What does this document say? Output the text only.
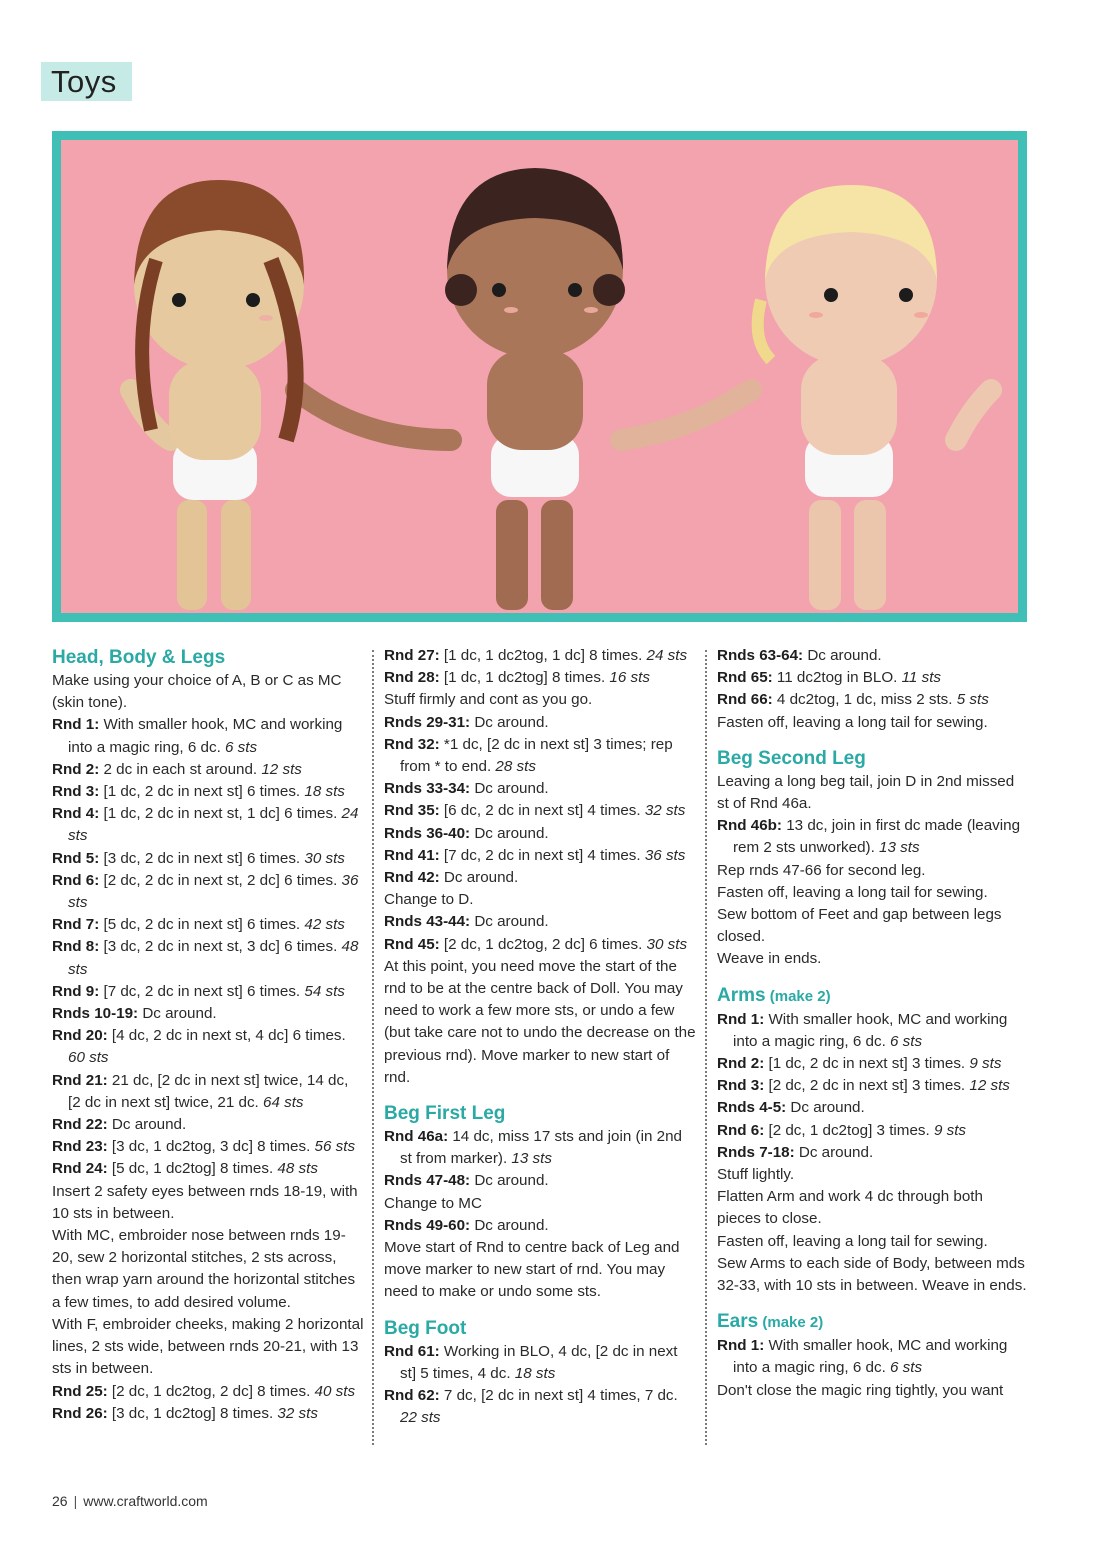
Toys
Head, Body & Legs

Make using your choice of A, B or C as MC (skin tone).

Rnd 1: With smaller hook, MC and working into a magic ring, 6 dc. 6 sts

Rnd 2: 2 dc in each st around. 12 sts

Rnd 3: [1 dc, 2 dc in next st] 6 times. 18 sts

Rnd 4: [1 dc, 2 dc in next st, 1 dc] 6 times. 24 sts

Rnd 5: [3 dc, 2 dc in next st] 6 times. 30 sts

Rnd 6: [2 dc, 2 dc in next st, 2 dc] 6 times. 36 sts

Rnd 7: [5 dc, 2 dc in next st] 6 times. 42 sts

Rnd 8: [3 dc, 2 dc in next st, 3 dc] 6 times. 48 sts

Rnd 9: [7 dc, 2 dc in next st] 6 times. 54 sts

Rnds 10-19: Dc around.

Rnd 20: [4 dc, 2 dc in next st, 4 dc] 6 times. 60 sts

Rnd 21: 21 dc, [2 dc in next st] twice, 14 dc, [2 dc in next st] twice, 21 dc. 64 sts

Rnd 22: Dc around.

Rnd 23: [3 dc, 1 dc2tog, 3 dc] 8 times. 56 sts

Rnd 24: [5 dc, 1 dc2tog] 8 times. 48 sts

Insert 2 safety eyes between rnds 18-19, with 10 sts in between.

With MC, embroider nose between rnds 19-20, sew 2 horizontal stitches, 2 sts across, then wrap yarn around the horizontal stitches a few times, to add desired volume.

With F, embroider cheeks, making 2 horizontal lines, 2 sts wide, between rnds 20-21, with 13 sts in between.

Rnd 25: [2 dc, 1 dc2tog, 2 dc] 8 times. 40 sts

Rnd 26: [3 dc, 1 dc2tog] 8 times. 32 sts

Rnd 27: [1 dc, 1 dc2tog, 1 dc] 8 times. 24 sts

Rnd 28: [1 dc, 1 dc2tog] 8 times. 16 sts

Stuff firmly and cont as you go.

Rnds 29-31: Dc around.

Rnd 32: *1 dc, [2 dc in next st] 3 times; rep from * to end. 28 sts

Rnds 33-34: Dc around.

Rnd 35: [6 dc, 2 dc in next st] 4 times. 32 sts

Rnds 36-40: Dc around.

Rnd 41: [7 dc, 2 dc in next st] 4 times. 36 sts

Rnd 42: Dc around.

Change to D.

Rnds 43-44: Dc around.

Rnd 45: [2 dc, 1 dc2tog, 2 dc] 6 times. 30 sts

At this point, you need move the start of the rnd to be at the centre back of Doll. You may need to work a few more sts, or undo a few (but take care not to undo the decrease on the previous rnd). Move marker to new start of rnd.

Beg First Leg

Rnd 46a: 14 dc, miss 17 sts and join (in 2nd st from marker). 13 sts

Rnds 47-48: Dc around.

Change to MC

Rnds 49-60: Dc around.

Move start of Rnd to centre back of Leg and move marker to new start of rnd. You may need to make or undo some sts.

Beg Foot

Rnd 61: Working in BLO, 4 dc, [2 dc in next st] 5 times, 4 dc. 18 sts

Rnd 62: 7 dc, [2 dc in next st] 4 times, 7 dc. 22 sts

Rnds 63-64: Dc around.

Rnd 65: 11 dc2tog in BLO. 11 sts

Rnd 66: 4 dc2tog, 1 dc, miss 2 sts. 5 sts

Fasten off, leaving a long tail for sewing.

Beg Second Leg

Leaving a long beg tail, join D in 2nd missed st of Rnd 46a.

Rnd 46b: 13 dc, join in first dc made (leaving rem 2 sts unworked). 13 sts

Rep rnds 47-66 for second leg.

Fasten off, leaving a long tail for sewing.

Sew bottom of Feet and gap between legs closed.

Weave in ends.

Arms (make 2)

Rnd 1: With smaller hook, MC and working into a magic ring, 6 dc. 6 sts

Rnd 2: [1 dc, 2 dc in next st] 3 times. 9 sts

Rnd 3: [2 dc, 2 dc in next st] 3 times. 12 sts

Rnds 4-5: Dc around.

Rnd 6: [2 dc, 1 dc2tog] 3 times. 9 sts

Rnds 7-18: Dc around.

Stuff lightly.

Flatten Arm and work 4 dc through both pieces to close.

Fasten off, leaving a long tail for sewing.

Sew Arms to each side of Body, between mds 32-33, with 10 sts in between. Weave in ends.

Ears (make 2)

Rnd 1: With smaller hook, MC and working into a magic ring, 6 dc. 6 sts

Don't close the magic ring tightly, you want

26 | www.craftworld.com
